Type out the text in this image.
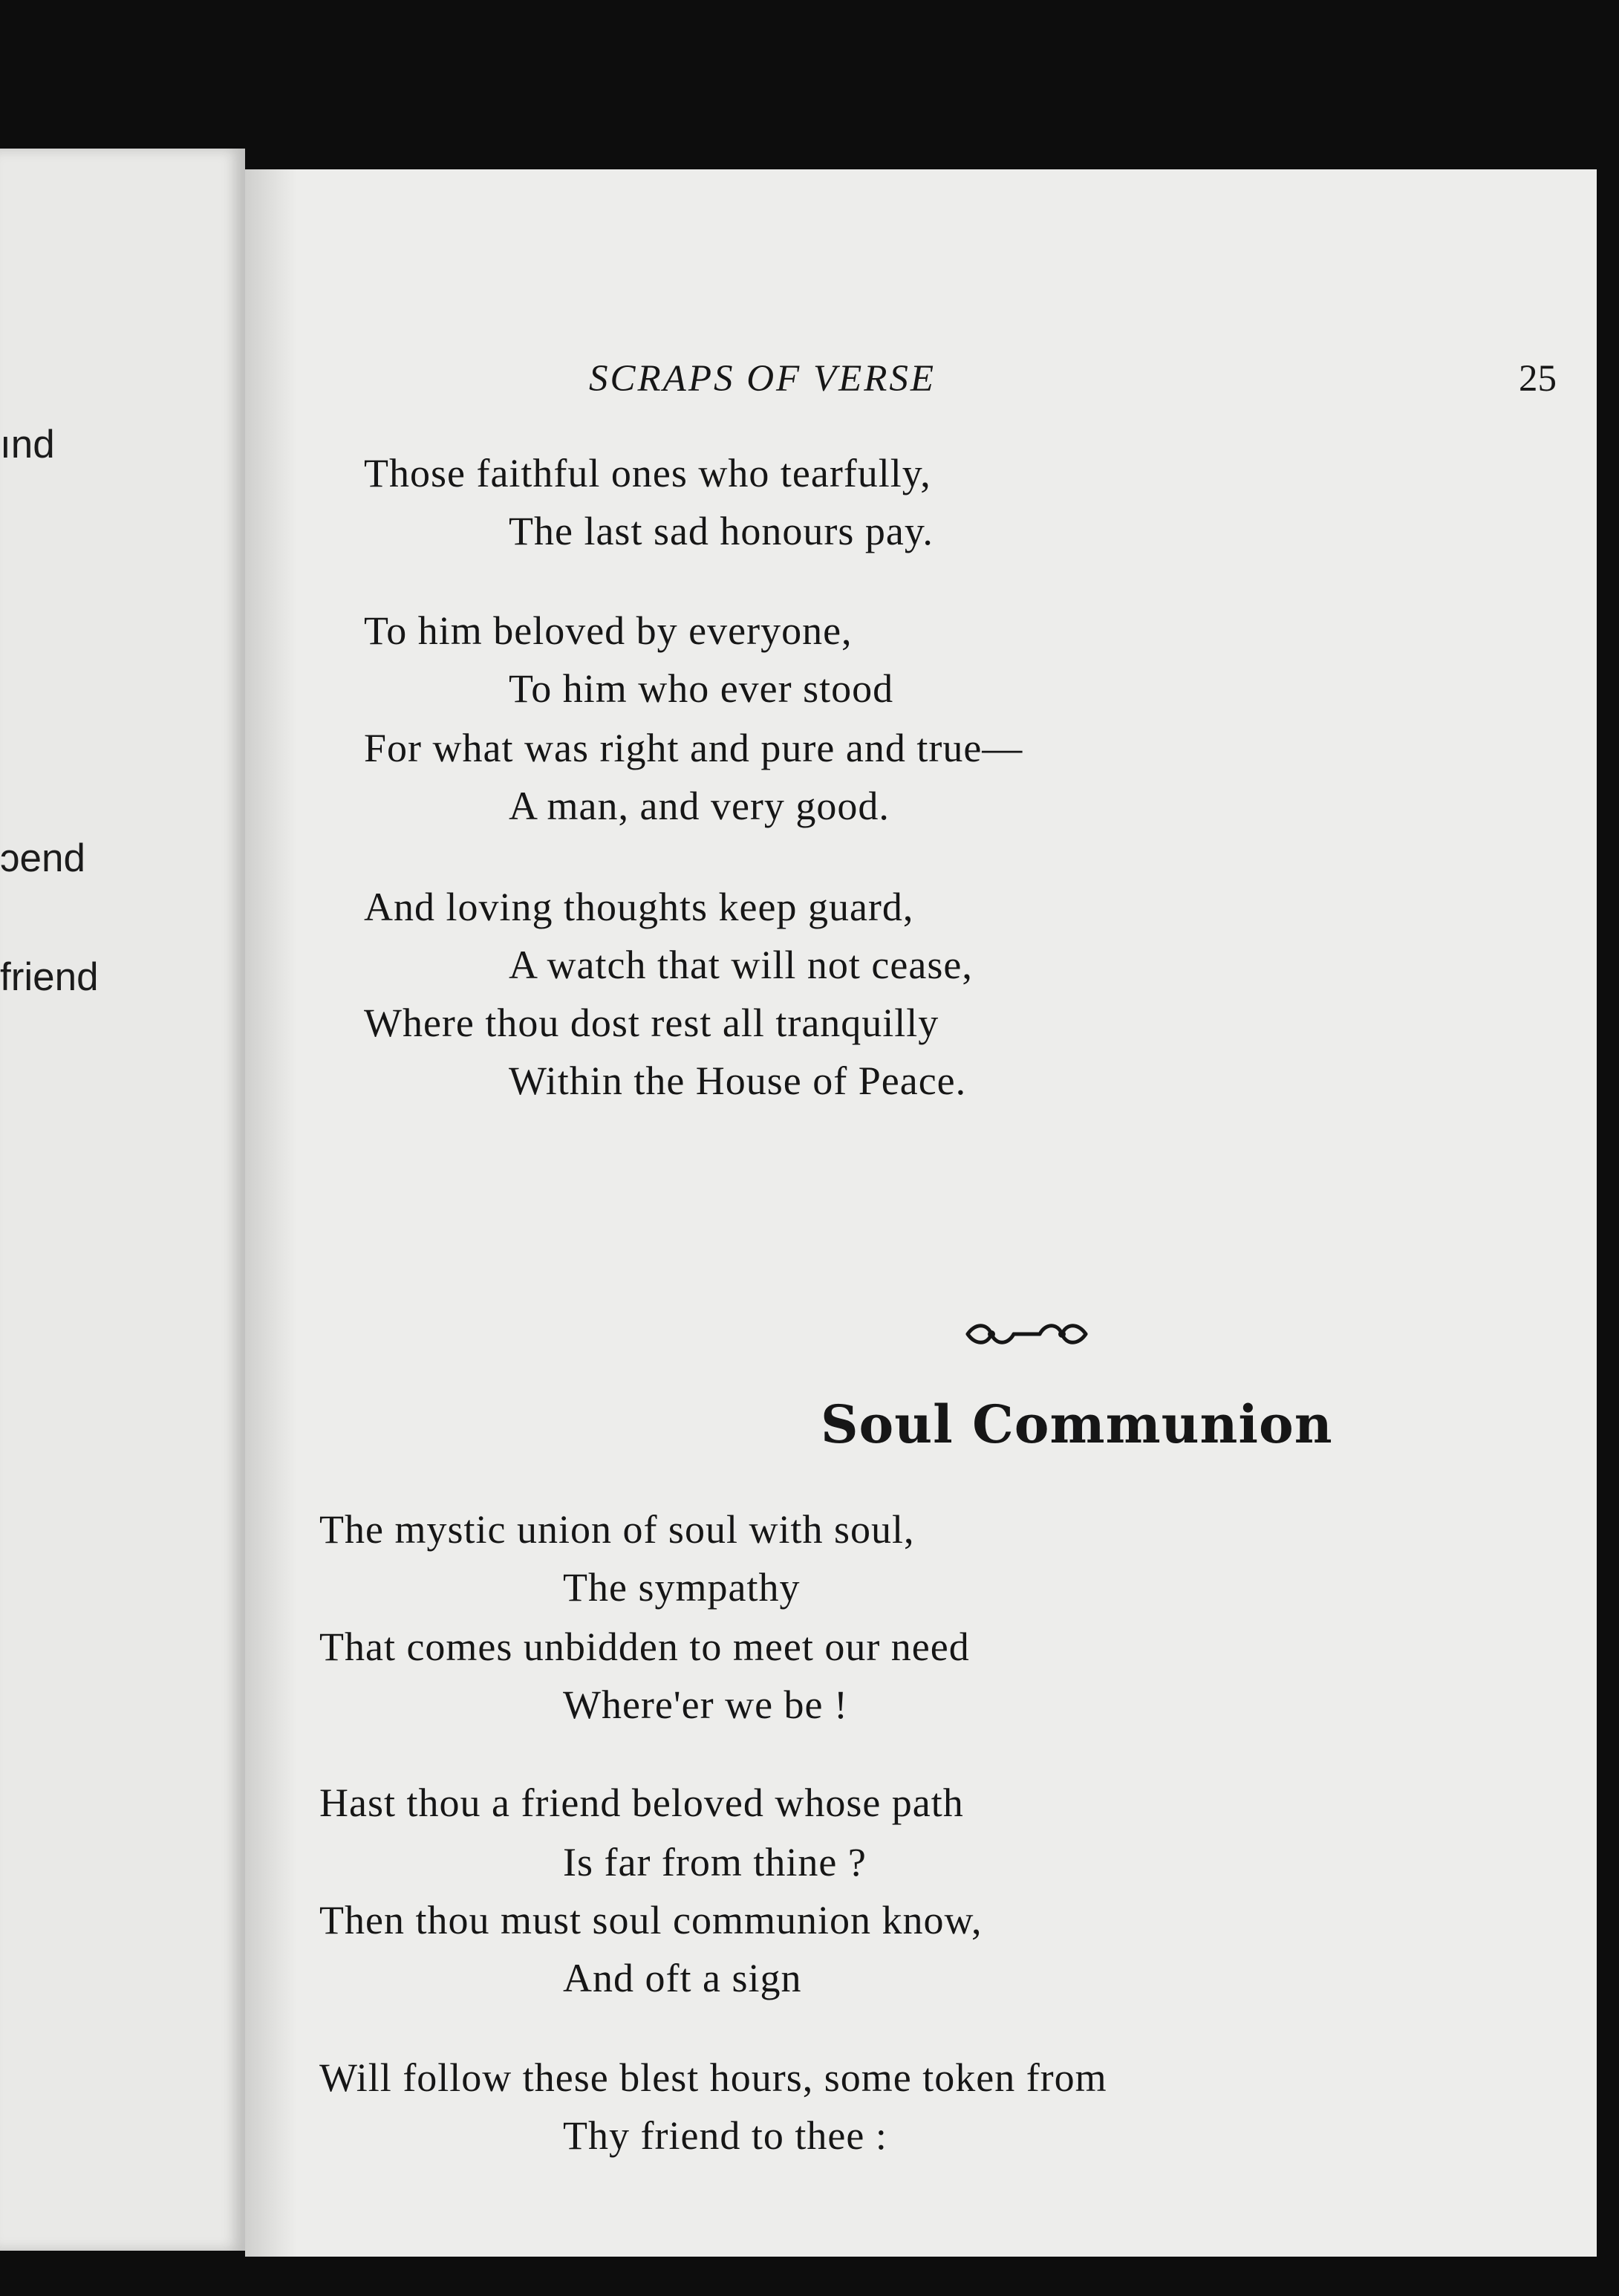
ınd
ɔend
friend
SCRAPS OF VERSE	25
Those faithful ones who tearfully,
The last sad honours pay.
To him beloved by everyone,
To him who ever stood
For what was right and pure and true—
A man, and very good.
And loving thoughts keep guard,
A watch that will not cease,
Where thou dost rest all tranquilly
Within the House of Peace.
Soul Communion
The mystic union of soul with soul,
The sympathy
That comes unbidden to meet our need
Where'er we be !
Hast thou a friend beloved whose path
Is far from thine ?
Then thou must soul communion know,
And oft a sign
Will follow these blest hours, some token from
Thy friend to thee :
